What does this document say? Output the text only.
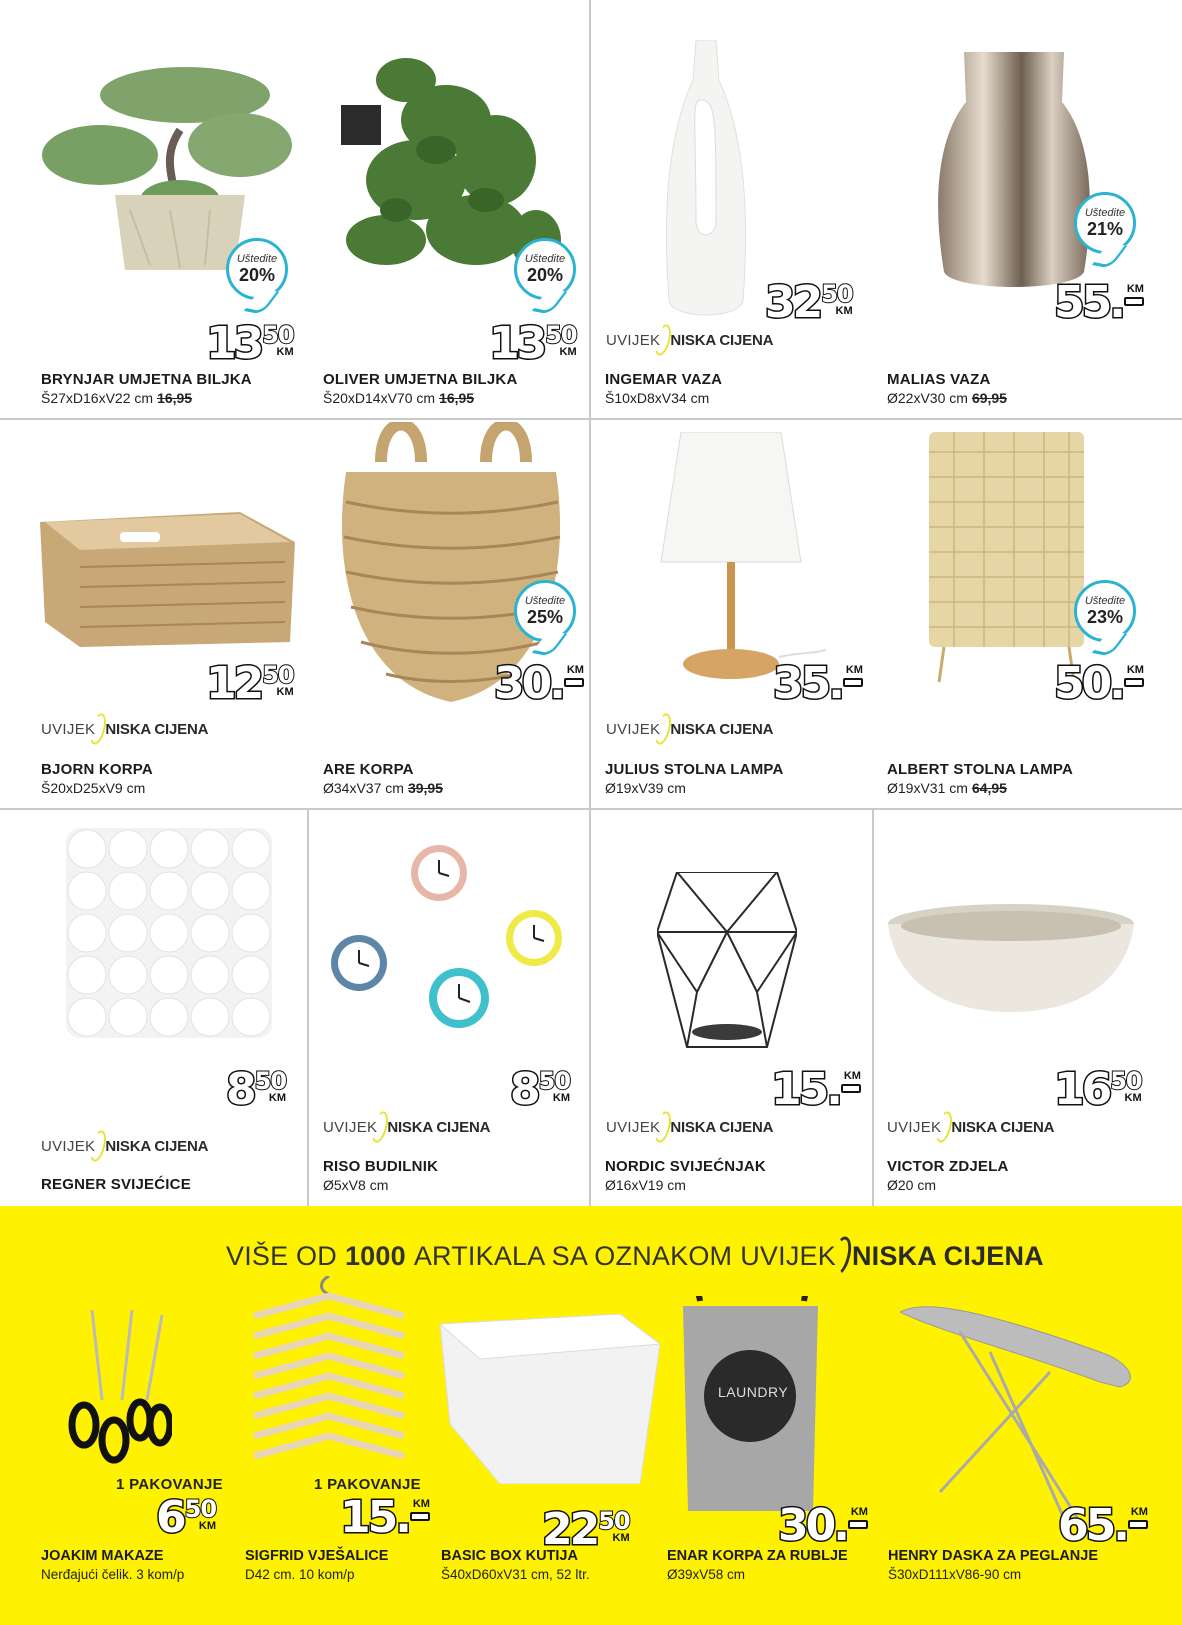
Uštedite
20%
13 50
KM
BRYNJAR UMJETNA BILJKA
Š27xD16xV22 cm 16,95
Uštedite
20%
13 50
KM
OLIVER UMJETNA BILJKA
Š20xD14xV70 cm 16,95
32 50
KM
UVIJEK NISKA CIJENA
INGEMAR VAZA
Š10xD8xV34 cm
Uštedite
21%
55. KM
MALIAS VAZA
Ø22xV30 cm 69,95
12 50
KM
UVIJEK NISKA CIJENA
BJORN KORPA
Š20xD25xV9 cm
Uštedite
25%
30. KM
ARE KORPA
Ø34xV37 cm 39,95
35. KM
UVIJEK NISKA CIJENA
JULIUS STOLNA LAMPA
Ø19xV39 cm
Uštedite
23%
50. KM
ALBERT STOLNA LAMPA
Ø19xV31 cm 64,95
8 50
KM
UVIJEK NISKA CIJENA
REGNER SVIJEĆICE
8 50
KM
UVIJEK NISKA CIJENA
RISO BUDILNIK
Ø5xV8 cm
15. KM
UVIJEK NISKA CIJENA
NORDIC SVIJEĆNJAK
Ø16xV19 cm
16 50
KM
UVIJEK NISKA CIJENA
VICTOR ZDJELA
Ø20 cm
VIŠE OD 1000 ARTIKALA SA OZNAKOM UVIJEK NISKA CIJENA
1 PAKOVANJE
6 50
KM
JOAKIM MAKAZE
Nerđajući čelik. 3 kom/p
1 PAKOVANJE
15. KM
SIGFRID VJEŠALICE
D42 cm. 10 kom/p
22 50
KM
BASIC BOX KUTIJA
Š40xD60xV31 cm, 52 ltr.
LAUNDRY
30. KM
ENAR KORPA ZA RUBLJE
Ø39xV58 cm
65. KM
HENRY DASKA ZA PEGLANJE
Š30xD111xV86-90 cm
